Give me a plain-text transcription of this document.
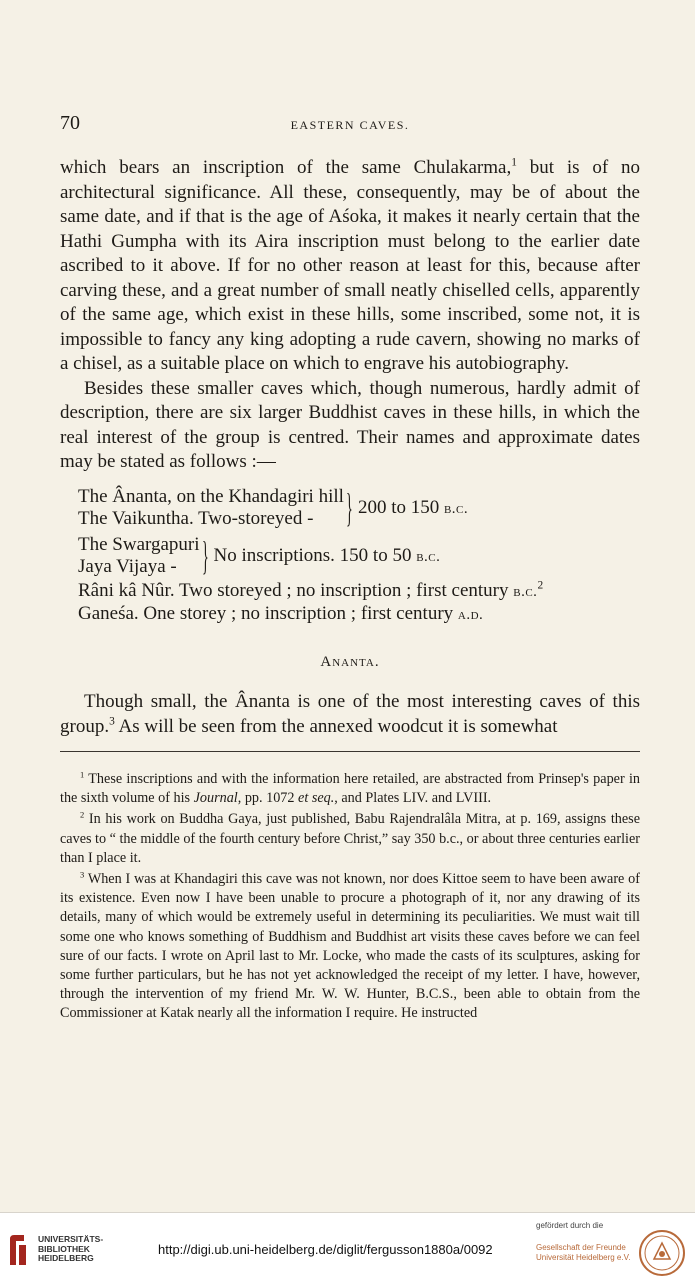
70	EASTERN CAVES.

which bears an inscription of the same Chulakarma,$^1$ but is of no architectural significance. All these, consequently, may be of about the same date, and if that is the age of Aśoka, it makes it nearly certain that the Hathi Gumpha with its Aira inscription must belong to the earlier date ascribed to it above. If for no other reason at least for this, because after carving these, and a great number of small neatly chiselled cells, apparently of the same age, which exist in these hills, some inscribed, some not, it is impossible to fancy any king adopting a rude cavern, showing no marks of a chisel, as a suitable place on which to engrave his autobiography.

Besides these smaller caves which, though numerous, hardly admit of description, there are six larger Buddhist caves in these hills, in which the real interest of the group is centred. Their names and approximate dates may be stated as follows :—

The Ânanta, on the Khandagiri hill
The Vaikuntha. Two-storeyed - } 200 to 150 b.c.
The Swargapuri
Jaya Vijaya - } No inscriptions. 150 to 50 b.c.
Râni kâ Nûr. Two storeyed ; no inscription ; first century b.c.$^2$
Ganeśa. One storey ; no inscription ; first century a.d.
Ananta.

Though small, the Ânanta is one of the most interesting caves of this group.$^3$ As will be seen from the annexed woodcut it is somewhat

$^1$ These inscriptions and with the information here retailed, are abstracted from Prinsep's paper in the sixth volume of his Journal, pp. 1072 et seq., and Plates LIV. and LVIII.

$^2$ In his work on Buddha Gaya, just published, Babu Rajendralâla Mitra, at p. 169, assigns these caves to “ the middle of the fourth century before Christ,” say 350 b.c., or about three centuries earlier than I place it.

$^3$ When I was at Khandagiri this cave was not known, nor does Kittoe seem to have been aware of its existence. Even now I have been unable to procure a photograph of it, nor any drawing of its details, many of which would be extremely useful in determining its peculiarities. We must wait till some one who knows something of Buddhism and Buddhist art visits these caves before we can feel sure of our facts. I wrote on April last to Mr. Locke, who made the casts of its sculptures, asking for some further particulars, but he has not yet acknowledged the receipt of my letter. I have, however, through the intervention of my friend Mr. W. W. Hunter, B.C.S., been able to obtain from the Commissioner at Katak nearly all the information I require. He instructed

UNIVERSITÄTS-
BIBLIOTHEK
HEIDELBERG
http://digi.ub.uni-heidelberg.de/diglit/fergusson1880a/0092
gefördert durch die
Gesellschaft der Freunde
Universität Heidelberg e.V.
